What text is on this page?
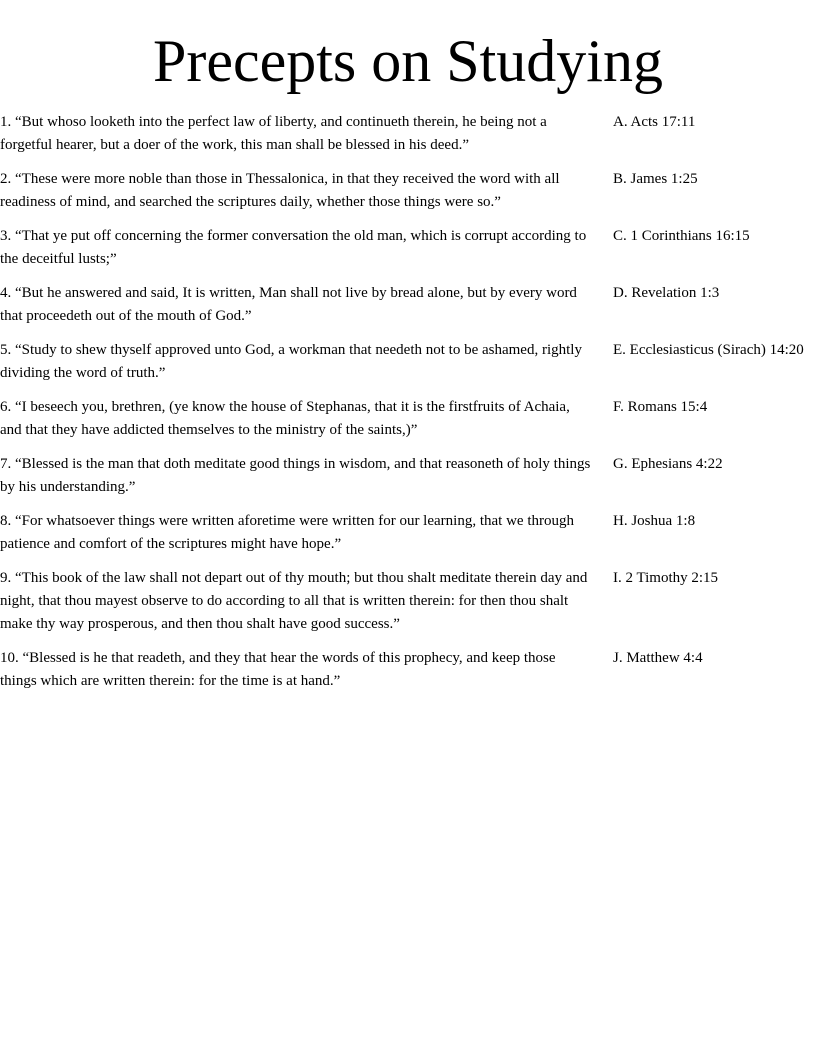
Precepts on Studying
1. “But whoso looketh into the perfect law of liberty, and continueth therein, he being not a forgetful hearer, but a doer of the work, this man shall be blessed in his deed.”
A. Acts 17:11
2. “These were more noble than those in Thessalonica, in that they received the word with all readiness of mind, and searched the scriptures daily, whether those things were so.”
B. James 1:25
3. “That ye put off concerning the former conversation the old man, which is corrupt according to the deceitful lusts;”
C. 1 Corinthians 16:15
4. “But he answered and said, It is written, Man shall not live by bread alone, but by every word that proceedeth out of the mouth of God.”
D. Revelation 1:3
5. “Study to shew thyself approved unto God, a workman that needeth not to be ashamed, rightly dividing the word of truth.”
E. Ecclesiasticus (Sirach) 14:20
6. “I beseech you, brethren, (ye know the house of Stephanas, that it is the firstfruits of Achaia, and that they have addicted themselves to the ministry of the saints,)”
F. Romans 15:4
7. “Blessed is the man that doth meditate good things in wisdom, and that reasoneth of holy things by his understanding.”
G. Ephesians 4:22
8. “For whatsoever things were written aforetime were written for our learning, that we through patience and comfort of the scriptures might have hope.”
H. Joshua 1:8
9. “This book of the law shall not depart out of thy mouth; but thou shalt meditate therein day and night, that thou mayest observe to do according to all that is written therein: for then thou shalt make thy way prosperous, and then thou shalt have good success.”
I. 2 Timothy 2:15
10. “Blessed is he that readeth, and they that hear the words of this prophecy, and keep those things which are written therein: for the time is at hand.”
J. Matthew 4:4
